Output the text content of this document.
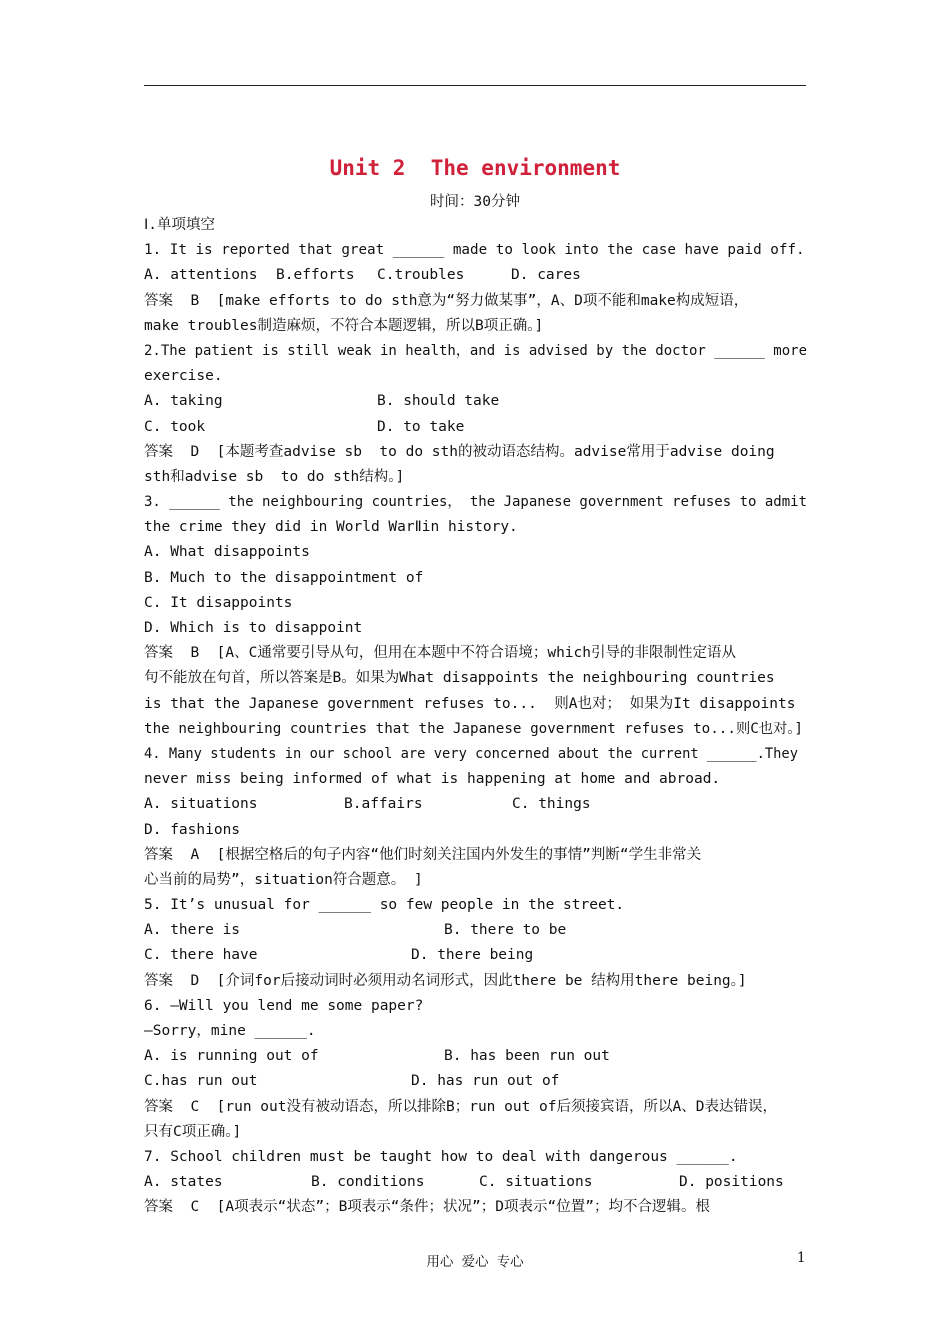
Unit 2  The environment
时间：30分钟
Ⅰ.单项填空
1. It is reported that great ______ made to look into the case have paid off.
A. attentions	B.efforts	C.troubles	D. cares
答案  B  [make efforts to do sth意为“努力做某事”，A、D项不能和make构成短语，
make troubles制造麻烦，不符合本题逻辑，所以B项正确。]
2.The patient is still weak in health，and is advised by the doctor ______ more
exercise.
A. taking	B. should take
C. took	D. to take
答案  D  [本题考查advise sb  to do sth的被动语态结构。advise常用于advise doing
sth和advise sb  to do sth结构。]
3. ______ the neighbouring countries， the Japanese government refuses to admit
the crime they did in World WarⅡin history.
A. What disappoints
B. Much to the disappointment of
C. It disappoints
D. Which is to disappoint
答案  B  [A、C通常要引导从句，但用在本题中不符合语境；which引导的非限制性定语从
句不能放在句首，所以答案是B。如果为What disappoints the neighbouring countries
is that the Japanese government refuses to...  则A也对； 如果为It disappoints
the neighbouring countries that the Japanese government refuses to...则C也对。]
4. Many students in our school are very concerned about the current ______.They
never miss being informed of what is happening at home and abroad.
A. situations	B.affairs	C. things
D. fashions
答案  A  [根据空格后的句子内容“他们时刻关注国内外发生的事情”判断“学生非常关
心当前的局势”，situation符合题意。 ]
5. It’s unusual for ______ so few people in the street.
A. there is	B. there to be
C. there have	D. there being
答案  D  [介词for后接动词时必须用动名词形式，因此there be 结构用there being。]
6. —Will you lend me some paper?
—Sorry，mine ______.
A. is running out of	B. has been run out
C.has run out	D. has run out of
答案  C  [run out没有被动语态，所以排除B；run out of后须接宾语，所以A、D表达错误，
只有C项正确。]
7. School children must be taught how to deal with dangerous ______.
A. states	B. conditions	C. situations	D. positions
答案  C  [A项表示“状态”；B项表示“条件；状况”；D项表示“位置”；均不合逻辑。根
用心 爱心 专心	1
